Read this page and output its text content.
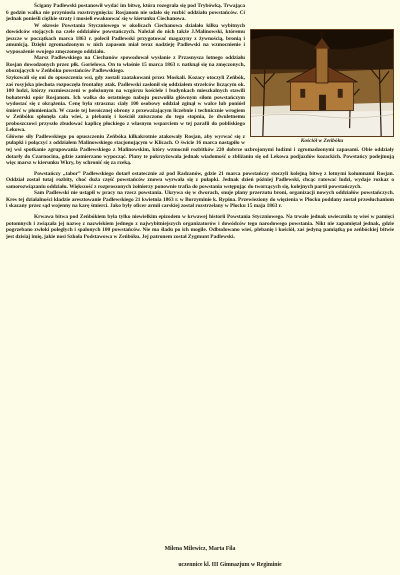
Kościół w Zeńbóku

Ścigany Padlewski postanowił wydać im bitwę, która rozegrała się pod Trybówką. Trwająca 6 godzin walka nie przyniosła rozstrzygnięcia: Rosjanom nie udało się rozbić oddziału powstańców. Ci jednak ponieśli ciężkie straty i musieli ewakuować się w kierunku Ciechanowa.

W okresie Powstania Styczniowego w okolicach Ciechanowa działało kilku wybitnych dowódców stojących na czele oddziałów powstańczych. Należał do nich także J.Malinowski, któremu jeszcze w początkach marca 1863 r. polecił Padlewski przygotować magazyny z żywnością, bronią i amunicją. Dzięki zgromadzonym w nich zapasom miał teraz nadzieję Padlewski na wzmocnienie i wyposażenie swojego zmęczonego oddziału.

Marsz Padlewskiego na Ciechanów spowodował wysłanie z Przasnysza lotnego oddziału Rosjan dowodzonych przez płk. Gorielowa. On to właśnie 15 marca 1863 r. natknął się na zmęczonych, obozujących w Zeńbóku powstańców Padlewskiego.

Szykowali się oni do opuszczenia wsi, gdy zostali zaatakowani przez Moskali. Kozacy otoczyli Zeńbók, zaś rosyjska piechota rozpoczęła frontalny atak. Padlewski zasłonił się oddziałem strzelców liczącym ok. 100 ludzi, którzy rozmieszczeni w położonym na wzgórzu kościele i budynkach mieszkalnych stawili bohaterski opór Rosjanom. Ich walka do ostatniego naboju pozwoliła głównym siłom powstańczym wydostać się z okrążenia. Cenę była straszna: ciały 100 osobowy oddział zginął w walce lub poniósł śmierć w płomieniach. W czasie tej heroicznej obrony z przeważającym liczebnie i technicznie wrogiem w Zeńbóku spłonęła cała wieś, a plebanię i kościół zniszczono do tego stopnia, że dwuletnemu proboszczowi przyszło zbudować kaplicę płockiego z własnym wsparciem w tej parafii do pobliskiego Lekowa.

Główne siły Padlewskiego po opuszczeniu Zeńbóka kilkakrotnie atakowały Rosjan, aby wyrwać się z pułapki i połączyć z oddziałem Malinowskiego stacjonującym w Klicach. O świcie 16 marca nastąpiło w tej wsi spotkanie zgrupowania Padlewskiego z Malinowskim, który wzmocnił rozbitków 220 dobrze uzbrojonymi ludźmi i zgromadzonymi zapasami. Obie oddziały dotarły do Czarnocina, gdzie zamierzano wypocząć. Plany te pokrzyżowała jednak wiadomość o zbliżaniu się od Lekowa podjazdów kozackich. Powstańcy podejmują więc marsz w kierunku Wkry, by schronić się za rzeką.

Powstańczy „tabor” Padlewskiego dotarł ostatecznie aż pod Radzanów, gdzie 21 marca powstańczy stoczyli kolejną bitwę z lotnymi kolumnami Rosjan. Oddział został tutaj rozbity, choć duża część powstańców znowu wyrwała się z pułapki. Jednak dzień później Padlewski, chcąc ratować ludzi, wydaje rozkaz o samorozwiązaniu oddziału. Większość z rozproszonych żołnierzy ponownie trafia do powstania wstępując do tworzących się, kolejnych partii powstańczych.

Sam Padlewski nie ustąpił w pracy na rzecz powstania. Ukrywa się w dworach, snuje plany przerzutu broni, organizacji nowych oddziałów powstańczych. Kres tej działalności kładzie aresztowanie Padlewskiego 21 kwietnia 1863 r. w Borzyminie k. Rypina. Przewieziony do więzienia w Płocku poddany został przesłuchaniom i skazany przez sąd wojenny na karę śmierci. Jako były oficer armii carskiej został rozstrzelany w Płocku 15 maja 1863 r.

Krwawa bitwa pod Zeńbókiem była tylko niewielkim epizodem w krwawej historii Powstania Styczniowego. Na trwałe jednak uwieczniła tę wieś w pamięci potomnych i związała jej nazwę z nazwiskiem jednego z najwybitniejszych organizatorów i dowódców tego narodowego powstania. Nikt nie zapamiętał jednak, gdzie pogrzebano zwłoki poległych i spalonych 100 powstańców. Nie ma śladu po ich mogile. Odbudowano wieś, plebanię i kościół, zaś jedyną pamiątką po zeńbóckiej bitwie jest dzisiaj imię, jakie nosi Szkoła Podstawowa w Zeńbóku. Jej patronem został Zygmunt Padlewski.

Milena Milewicz, Marta Fila
uczennice kl. III Gimnazjum w Regiminie
